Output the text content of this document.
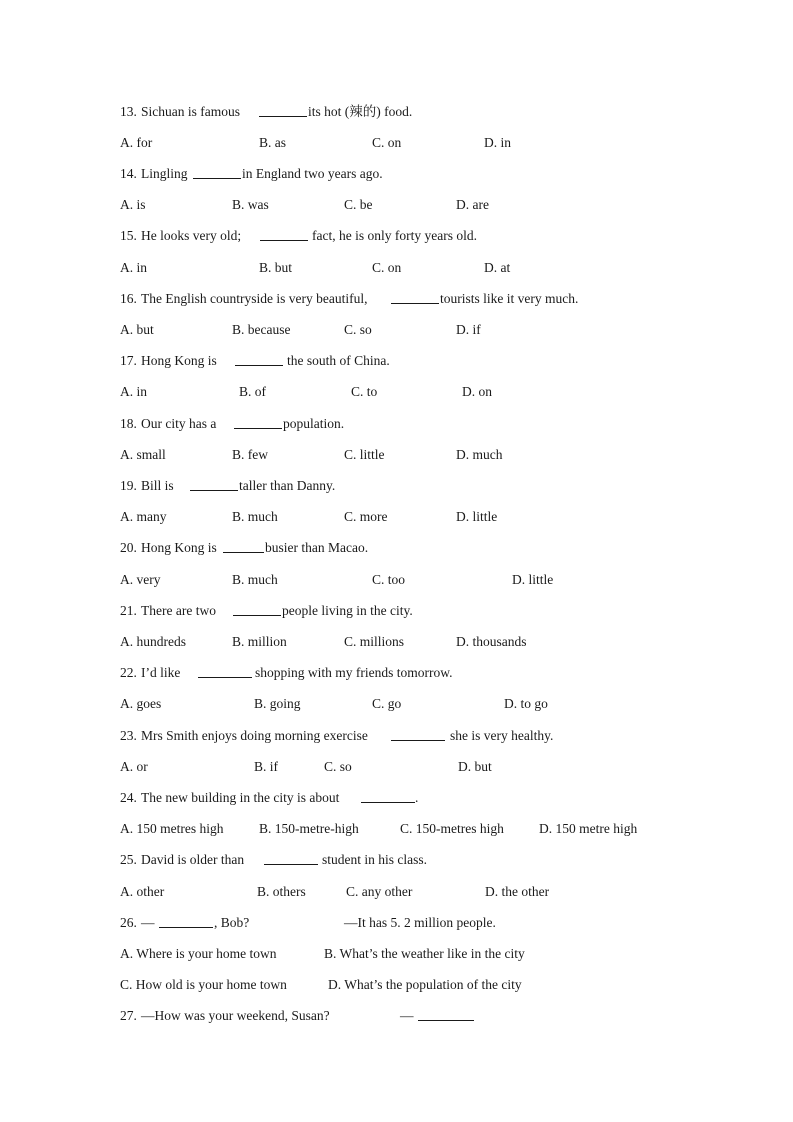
13. Sichuan is famous	its hot (辣的) food.
A. for	B. as	C. on	D. in
14. Lingling	in England two years ago.
A. is	B. was	C. be	D. are
15. He looks very old;	fact, he is only forty years old.
A. in	B. but	C. on	D. at
16. The English countryside is very beautiful,	tourists like it very much.
A. but	B. because	C. so	D. if
17. Hong Kong is	the south of China.
A. in	B. of	C. to	D. on
18. Our city has a	population.
A. small	B. few	C. little	D. much
19. Bill is	taller than Danny.
A. many	B. much	C. more	D. little
20. Hong Kong is	busier than Macao.
A. very	B. much	C. too	D. little
21. There are two	people living in the city.
A. hundreds	B. million	C. millions	D. thousands
22. I’d like	shopping with my friends tomorrow.
A. goes	B. going	C. go	D. to go
23. Mrs Smith enjoys doing morning exercise	she is very healthy.
A. or	B. if	C. so	D. but
24. The new building in the city is about	.
A. 150 metres high	B. 150-metre-high	C. 150-metres high	D. 150 metre high
25. David is older than	student in his class.
A. other	B. others	C. any other	D. the other
26. —	, Bob?	—It has 5. 2 million people.
A. Where is your home town	B. What’s the weather like in the city
C. How old is your home town	D. What’s the population of the city
27. —How was your weekend, Susan?	—
